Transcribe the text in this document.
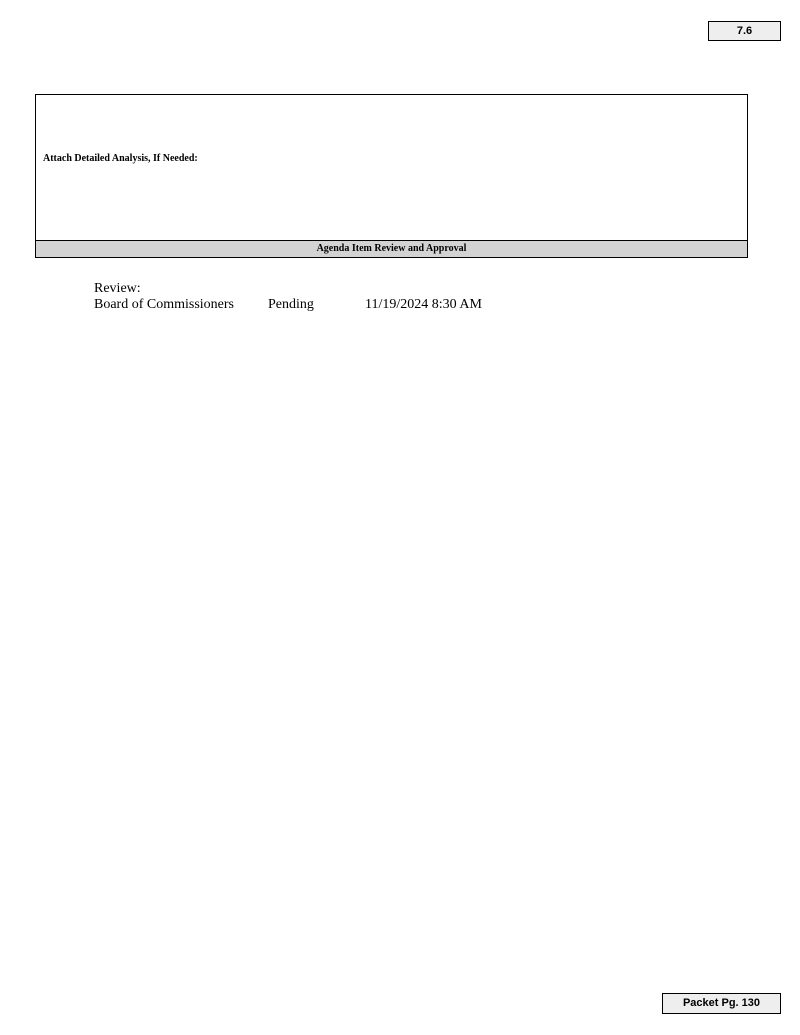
7.6
Attach Detailed Analysis, If Needed:
Agenda Item Review and Approval
Review:
Board of Commissioners Pending	11/19/2024 8:30 AM
Packet Pg. 130
